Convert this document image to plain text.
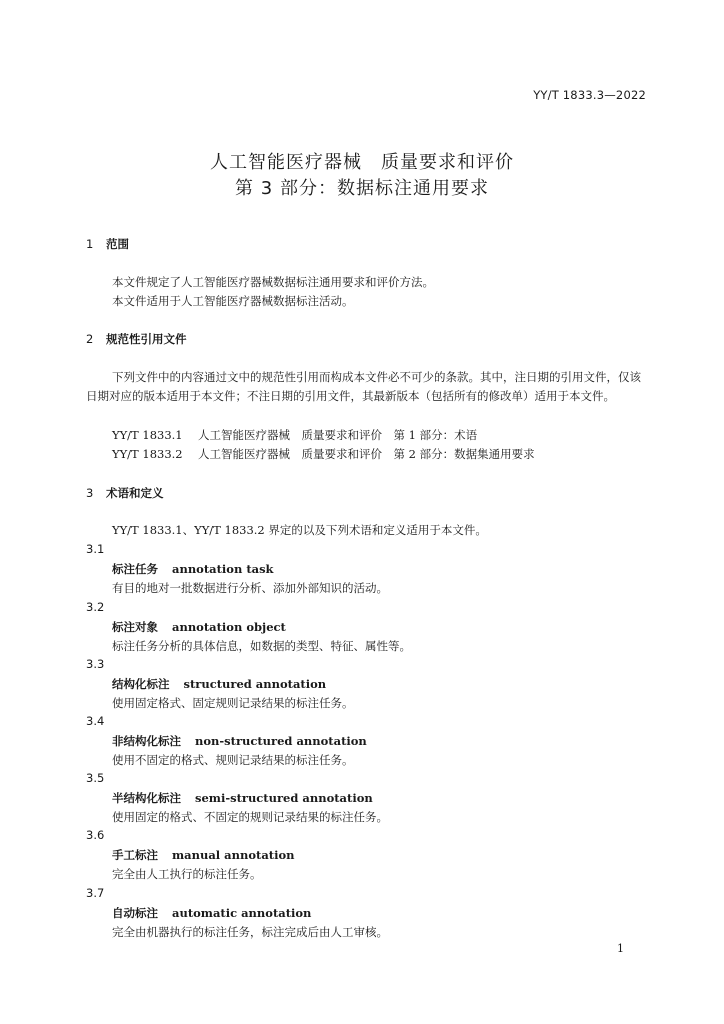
YY/T 1833.3—2022
人工智能医疗器械　质量要求和评价
第 3 部分：数据标注通用要求
1 范围
本文件规定了人工智能医疗器械数据标注通用要求和评价方法。
本文件适用于人工智能医疗器械数据标注活动。
2 规范性引用文件
下列文件中的内容通过文中的规范性引用而构成本文件必不可少的条款。其中，注日期的引用文件，仅该日期对应的版本适用于本文件；不注日期的引用文件，其最新版本（包括所有的修改单）适用于本文件。
YY/T 1833.1 人工智能医疗器械　质量要求和评价　第 1 部分：术语
YY/T 1833.2 人工智能医疗器械　质量要求和评价　第 2 部分：数据集通用要求
3 术语和定义
YY/T 1833.1、YY/T 1833.2 界定的以及下列术语和定义适用于本文件。
3.1
标注任务 annotation task
有目的地对一批数据进行分析、添加外部知识的活动。
3.2
标注对象 annotation object
标注任务分析的具体信息，如数据的类型、特征、属性等。
3.3
结构化标注 structured annotation
使用固定格式、固定规则记录结果的标注任务。
3.4
非结构化标注 non-structured annotation
使用不固定的格式、规则记录结果的标注任务。
3.5
半结构化标注 semi-structured annotation
使用固定的格式、不固定的规则记录结果的标注任务。
3.6
手工标注 manual annotation
完全由人工执行的标注任务。
3.7
自动标注 automatic annotation
完全由机器执行的标注任务，标注完成后由人工审核。
1
